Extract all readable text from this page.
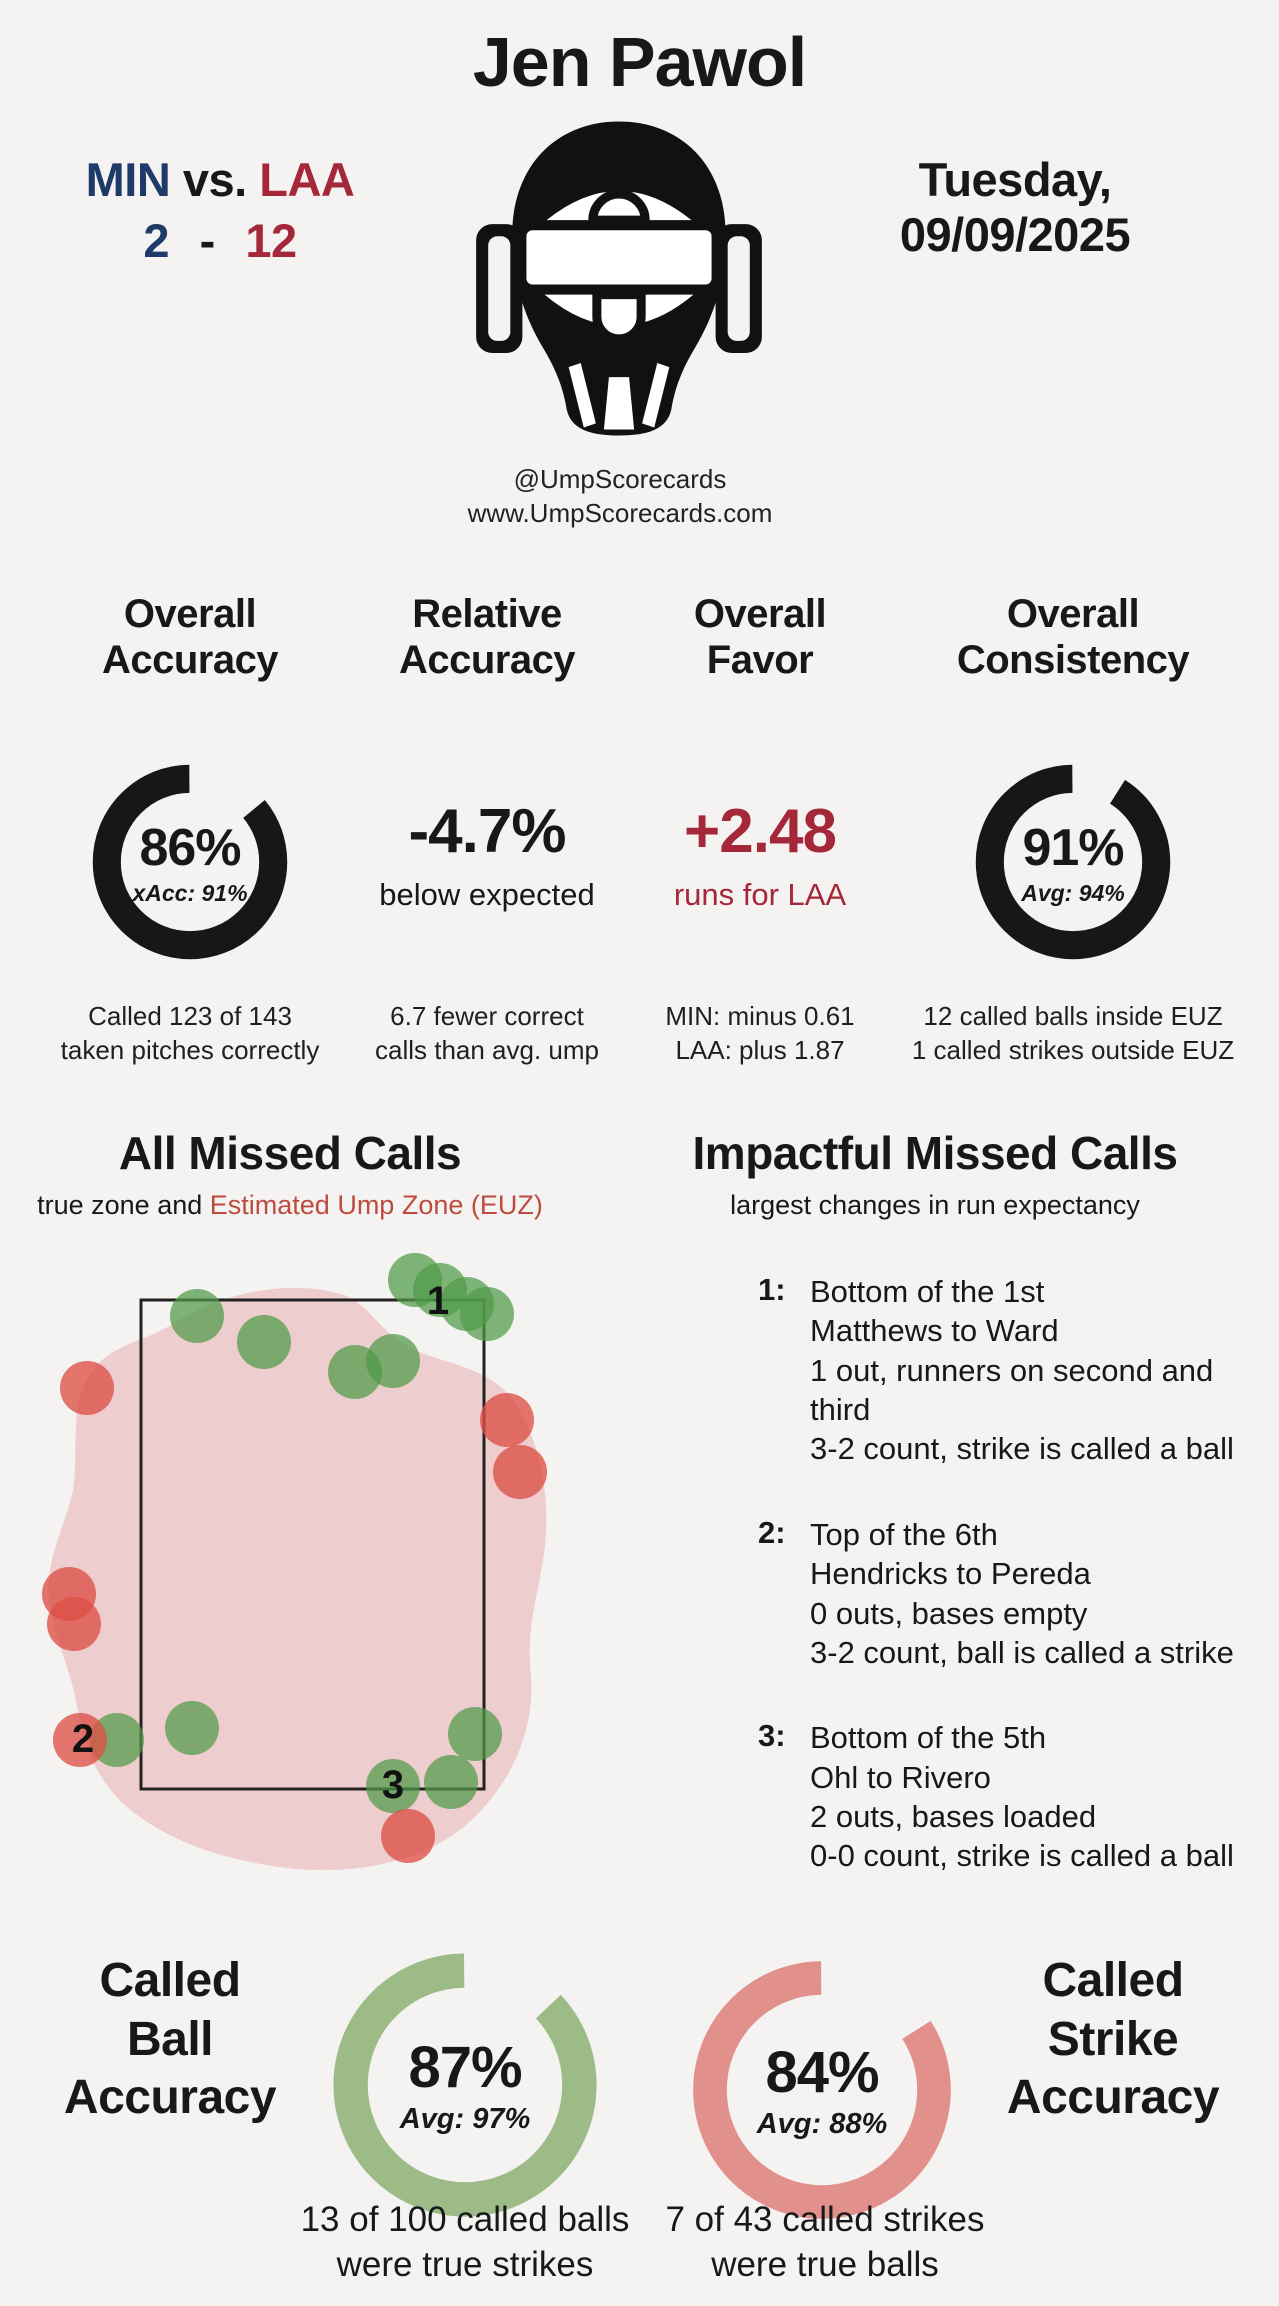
Jen Pawol
MIN vs. LAA
2 - 12
Tuesday,
09/09/2025
@UmpScorecards
www.UmpScorecards.com
Overall
Accuracy
Relative
Accuracy
Overall
Favor
Overall
Consistency
86%
xAcc: 91%
-4.7%
below expected
+2.48
runs for LAA
91%
Avg: 94%
Called 123 of 143
taken pitches correctly
6.7 fewer correct
calls than avg. ump
MIN: minus 0.61
LAA: plus 1.87
12 called balls inside EUZ
1 called strikes outside EUZ
All Missed Calls
true zone and Estimated Ump Zone (EUZ)
Impactful Missed Calls
largest changes in run expectancy
1
2
3
1: Bottom of the 1st
Matthews to Ward
1 out, runners on second and third
3-2 count, strike is called a ball
2: Top of the 6th
Hendricks to Pereda
0 outs, bases empty
3-2 count, ball is called a strike
3: Bottom of the 5th
Ohl to Rivero
2 outs, bases loaded
0-0 count, strike is called a ball
Called
Ball
Accuracy	87%
Avg: 97%
84%
Avg: 88%
Called
Strike
Accuracy
13 of 100 called balls
were true strikes
7 of 43 called strikes
were true balls
